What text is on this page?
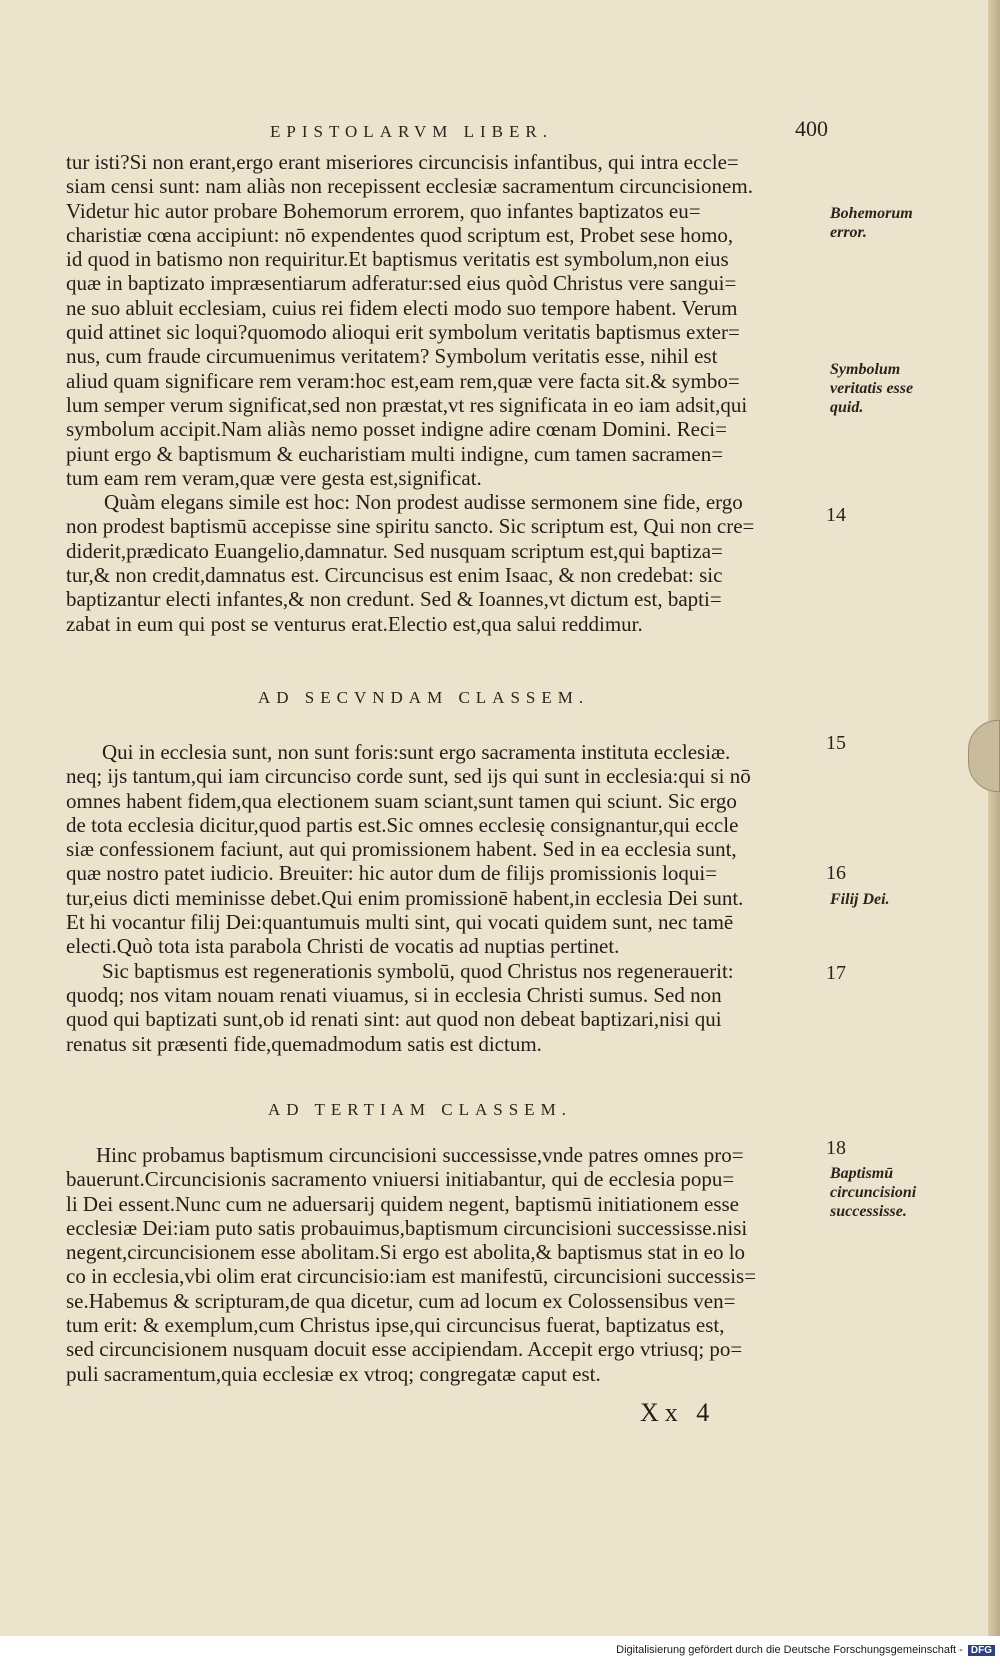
EPISTOLARVM LIBER.	400
tur isti?Si non erant,ergo erant miseriores circuncisis infantibus, qui intra eccle=
siam censi sunt: nam aliàs non recepissent ecclesiæ sacramentum circuncisionem.
Videtur hic autor probare Bohemorum errorem, quo infantes baptizatos eu=
charistiæ cœna accipiunt: nō expendentes quod scriptum est, Probet sese homo,
id quod in batismo non requiritur.Et baptismus veritatis est symbolum,non eius
quæ in baptizato impræsentiarum adferatur:sed eius quòd Christus vere sangui=
ne suo abluit ecclesiam, cuius rei fidem electi modo suo tempore habent. Verum
quid attinet sic loqui?quomodo alioqui erit symbolum veritatis baptismus exter=
nus, cum fraude circumuenimus veritatem? Symbolum veritatis esse, nihil est
aliud quam significare rem veram:hoc est,eam rem,quæ vere facta sit.& symbo=
lum semper verum significat,sed non præstat,vt res significata in eo iam adsit,qui
symbolum accipit.Nam aliàs nemo posset indigne adire cœnam Domini. Reci=
piunt ergo & baptismum & eucharistiam multi indigne, cum tamen sacramen=
tum eam rem veram,quæ vere gesta est,significat.
Quàm elegans simile est hoc: Non prodest audisse sermonem sine fide, ergo
non prodest baptismū accepisse sine spiritu sancto. Sic scriptum est, Qui non cre=
diderit,prædicato Euangelio,damnatur. Sed nusquam scriptum est,qui baptiza=
tur,& non credit,damnatus est. Circuncisus est enim Isaac, & non credebat: sic
baptizantur electi infantes,& non credunt. Sed & Ioannes,vt dictum est, bapti=
zabat in eum qui post se venturus erat.Electio est,qua salui reddimur.
AD SECVNDAM CLASSEM.
Qui in ecclesia sunt, non sunt foris:sunt ergo sacramenta instituta ecclesiæ.
neq; ijs tantum,qui iam circunciso corde sunt, sed ijs qui sunt in ecclesia:qui si nō
omnes habent fidem,qua electionem suam sciant,sunt tamen qui sciunt. Sic ergo
de tota ecclesia dicitur,quod partis est.Sic omnes ecclesię consignantur,qui eccle
siæ confessionem faciunt, aut qui promissionem habent. Sed in ea ecclesia sunt,
quæ nostro patet iudicio. Breuiter: hic autor dum de filijs promissionis loqui=
tur,eius dicti meminisse debet.Qui enim promissionē habent,in ecclesia Dei sunt.
Et hi vocantur filij Dei:quantumuis multi sint, qui vocati quidem sunt, nec tamē
electi.Quò tota ista parabola Christi de vocatis ad nuptias pertinet.
Sic baptismus est regenerationis symbolū, quod Christus nos regenerauerit:
quodq; nos vitam nouam renati viuamus, si in ecclesia Christi sumus. Sed non
quod qui baptizati sunt,ob id renati sint: aut quod non debeat baptizari,nisi qui
renatus sit præsenti fide,quemadmodum satis est dictum.
AD TERTIAM CLASSEM.
Hinc probamus baptismum circuncisioni successisse,vnde patres omnes pro=
bauerunt.Circuncisionis sacramento vniuersi initiabantur, qui de ecclesia popu=
li Dei essent.Nunc cum ne aduersarij quidem negent, baptismū initiationem esse
ecclesiæ Dei:iam puto satis probauimus,baptismum circuncisioni successisse.nisi
negent,circuncisionem esse abolitam.Si ergo est abolita,& baptismus stat in eo lo
co in ecclesia,vbi olim erat circuncisio:iam est manifestū, circuncisioni successis=
se.Habemus & scripturam,de qua dicetur, cum ad locum ex Colossensibus ven=
tum erit: & exemplum,cum Christus ipse,qui circuncisus fuerat, baptizatus est,
sed circuncisionem nusquam docuit esse accipiendam. Accepit ergo vtriusq; po=
puli sacramentum,quia ecclesiæ ex vtroq; congregatæ caput est.
Bohemorum error.
Symbolum veritatis esse quid.
14
15
16
Filij Dei.
17
18
Baptismū circuncisioni successisse.
Xx 4
Digitalisierung gefördert durch die Deutsche Forschungsgemeinschaft - DFG
